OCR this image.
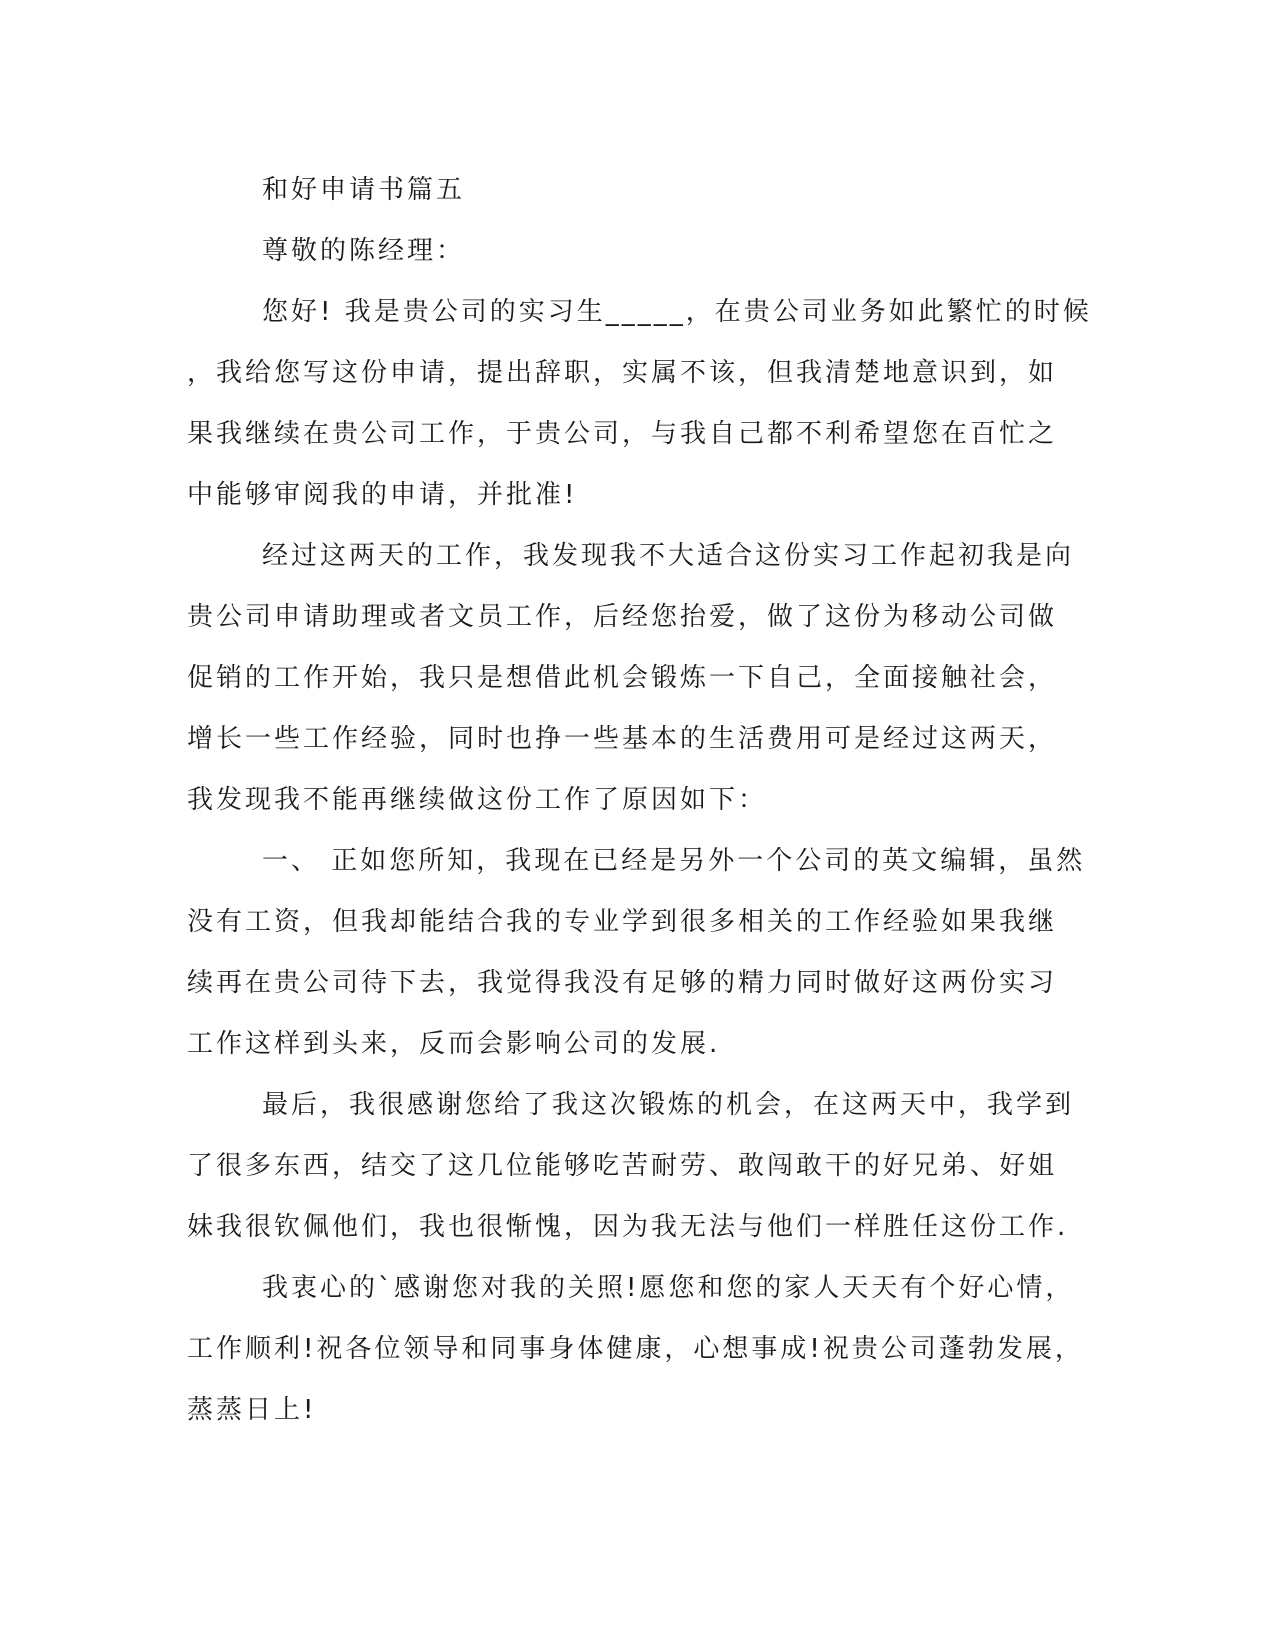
和好申请书篇五

尊敬的陈经理：

您好! 我是贵公司的实习生_____，在贵公司业务如此繁忙的时候

，我给您写这份申请，提出辞职，实属不该，但我清楚地意识到，如

果我继续在贵公司工作，于贵公司，与我自己都不利希望您在百忙之

中能够审阅我的申请，并批准!

经过这两天的工作，我发现我不大适合这份实习工作起初我是向

贵公司申请助理或者文员工作，后经您抬爱，做了这份为移动公司做

促销的工作开始，我只是想借此机会锻炼一下自己，全面接触社会，

增长一些工作经验，同时也挣一些基本的生活费用可是经过这两天，

我发现我不能再继续做这份工作了原因如下：

一、 正如您所知，我现在已经是另外一个公司的英文编辑，虽然

没有工资，但我却能结合我的专业学到很多相关的工作经验如果我继

续再在贵公司待下去，我觉得我没有足够的精力同时做好这两份实习

工作这样到头来，反而会影响公司的发展.

最后，我很感谢您给了我这次锻炼的机会，在这两天中，我学到

了很多东西，结交了这几位能够吃苦耐劳、敢闯敢干的好兄弟、好姐

妹我很钦佩他们，我也很惭愧，因为我无法与他们一样胜任这份工作.

我衷心的`感谢您对我的关照!愿您和您的家人天天有个好心情，

工作顺利!祝各位领导和同事身体健康，心想事成!祝贵公司蓬勃发展，

蒸蒸日上!
